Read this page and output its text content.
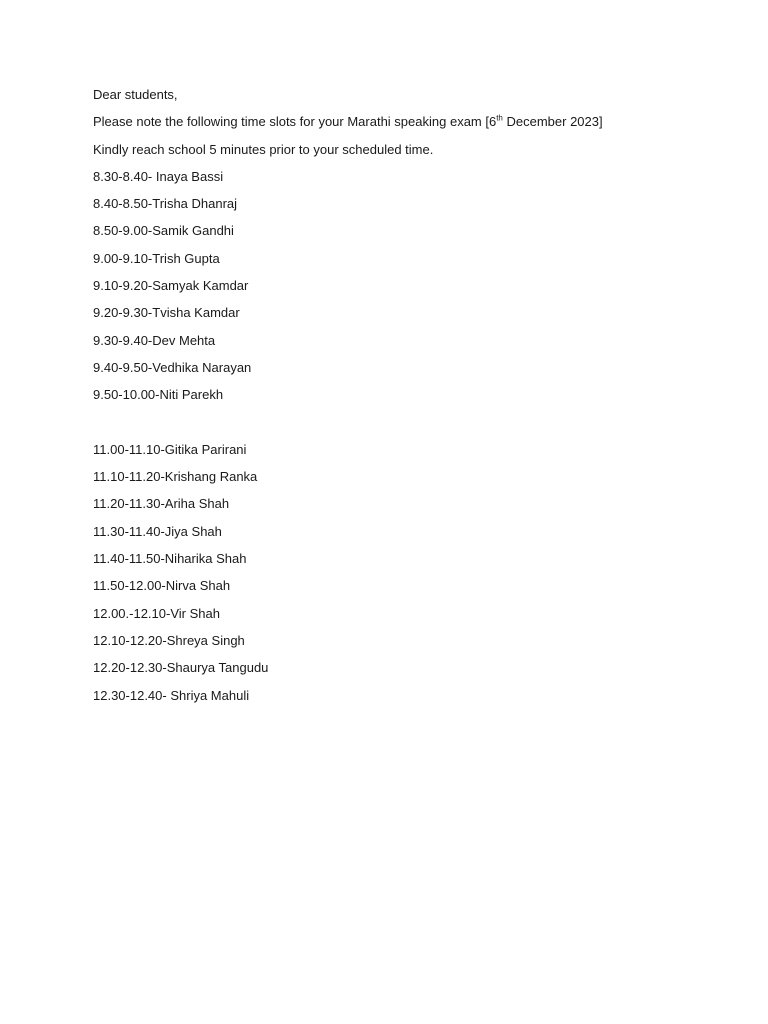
Dear students,
Please note the following time slots for your Marathi speaking exam [6th December 2023]
Kindly reach school 5 minutes prior to your scheduled time.
8.30-8.40- Inaya Bassi
8.40-8.50-Trisha Dhanraj
8.50-9.00-Samik Gandhi
9.00-9.10-Trish Gupta
9.10-9.20-Samyak Kamdar
9.20-9.30-Tvisha Kamdar
9.30-9.40-Dev Mehta
9.40-9.50-Vedhika Narayan
9.50-10.00-Niti Parekh
11.00-11.10-Gitika Parirani
11.10-11.20-Krishang Ranka
11.20-11.30-Ariha Shah
11.30-11.40-Jiya Shah
11.40-11.50-Niharika Shah
11.50-12.00-Nirva Shah
12.00.-12.10-Vir Shah
12.10-12.20-Shreya Singh
12.20-12.30-Shaurya Tangudu
12.30-12.40- Shriya Mahuli
